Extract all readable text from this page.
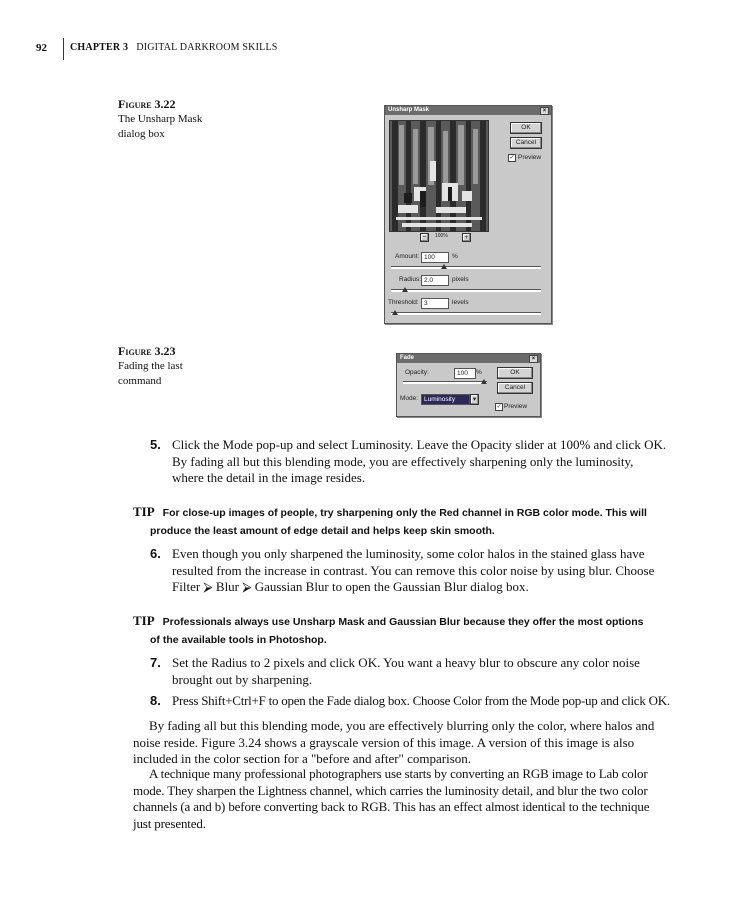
92 CHAPTER 3 DIGITAL DARKROOM SKILLS
Figure 3.22
The Unsharp Mask
dialog box
Unsharp Mask	×
OK
Cancel
✓ Preview
−	100%	+
Amount: 100	%
Radius: 2.0	pixels
Threshold: 3	levels
Figure 3.23
Fading the last
command
Fade	×
Opacity:	100	%	OK
Cancel
Mode: Luminosity	▾
✓ Preview
5. Click the Mode pop-up and select Luminosity. Leave the Opacity slider at 100% and click OK.
By fading all but this blending mode, you are effectively sharpening only the luminosity,
where the detail in the image resides.
TIP For close-up images of people, try sharpening only the Red channel in RGB color mode. This will
produce the least amount of edge detail and helps keep skin smooth.
6. Even though you only sharpened the luminosity, some color halos in the stained glass have
resulted from the increase in contrast. You can remove this color noise by using blur. Choose
Filter ⮚ Blur ⮚ Gaussian Blur to open the Gaussian Blur dialog box.
TIP Professionals always use Unsharp Mask and Gaussian Blur because they offer the most options
of the available tools in Photoshop.
7. Set the Radius to 2 pixels and click OK. You want a heavy blur to obscure any color noise
brought out by sharpening.
8. Press Shift+Ctrl+F to open the Fade dialog box. Choose Color from the Mode pop-up and click OK.
By fading all but this blending mode, you are effectively blurring only the color, where halos and
noise reside. Figure 3.24 shows a grayscale version of this image. A version of this image is also
included in the color section for a "before and after" comparison.
A technique many professional photographers use starts by converting an RGB image to Lab color
mode. They sharpen the Lightness channel, which carries the luminosity detail, and blur the two color
channels (a and b) before converting back to RGB. This has an effect almost identical to the technique
just presented.
